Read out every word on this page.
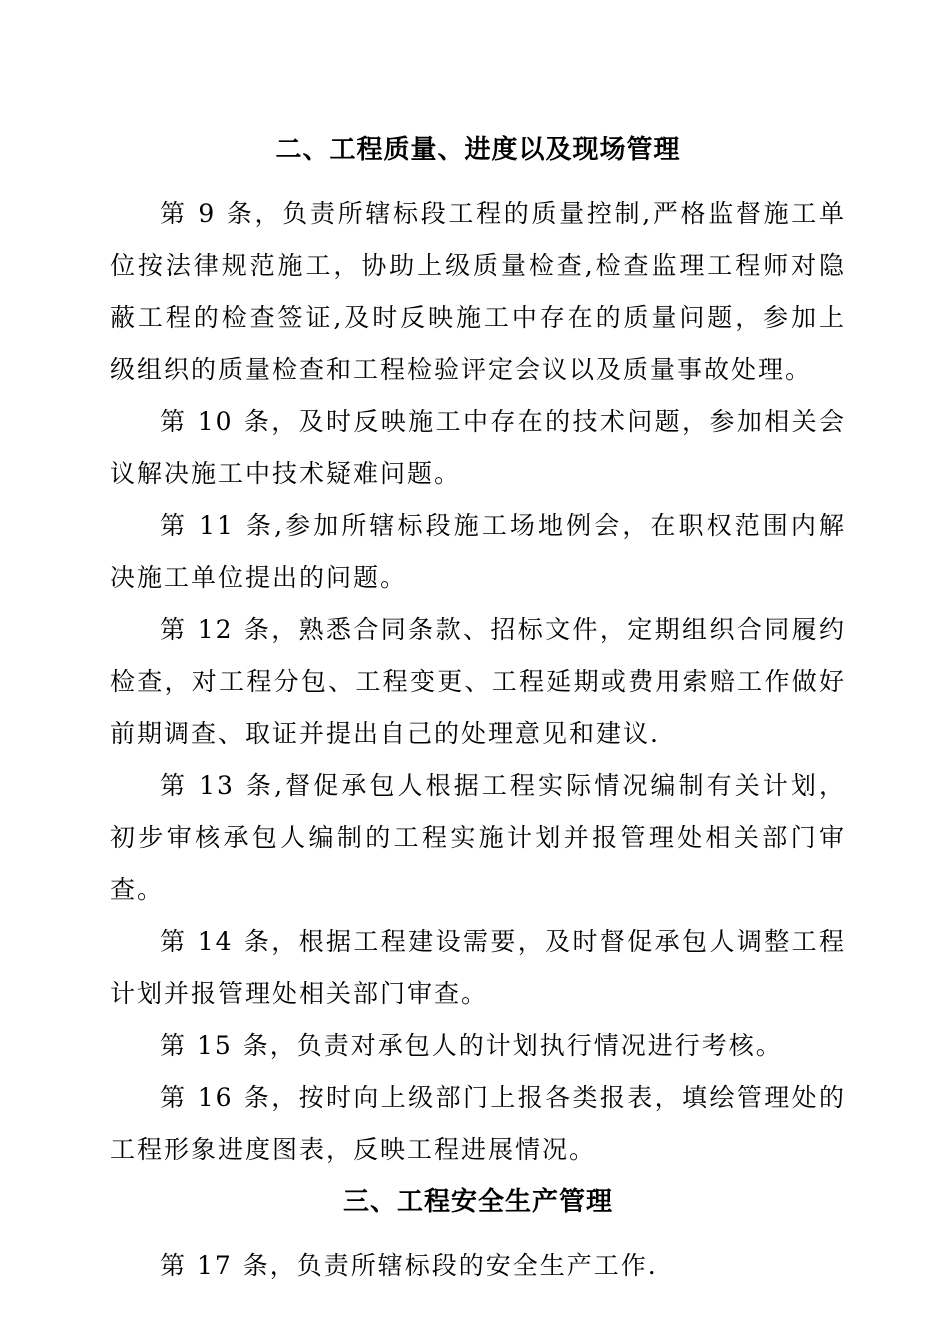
二、工程质量、进度以及现场管理

第 9 条，负责所辖标段工程的质量控制,严格监督施工单位按法律规范施工，协助上级质量检查,检查监理工程师对隐蔽工程的检查签证,及时反映施工中存在的质量问题，参加上级组织的质量检查和工程检验评定会议以及质量事故处理。

第 10 条，及时反映施工中存在的技术问题，参加相关会议解决施工中技术疑难问题。

第 11 条,参加所辖标段施工场地例会，在职权范围内解决施工单位提出的问题。

第 12 条，熟悉合同条款、招标文件，定期组织合同履约检查，对工程分包、工程变更、工程延期或费用索赔工作做好前期调查、取证并提出自己的处理意见和建议.

第 13 条,督促承包人根据工程实际情况编制有关计划，初步审核承包人编制的工程实施计划并报管理处相关部门审查。

第 14 条，根据工程建设需要，及时督促承包人调整工程计划并报管理处相关部门审查。

第 15 条，负责对承包人的计划执行情况进行考核。

第 16 条，按时向上级部门上报各类报表，填绘管理处的工程形象进度图表，反映工程进展情况。

三、工程安全生产管理

第 17 条，负责所辖标段的安全生产工作.
